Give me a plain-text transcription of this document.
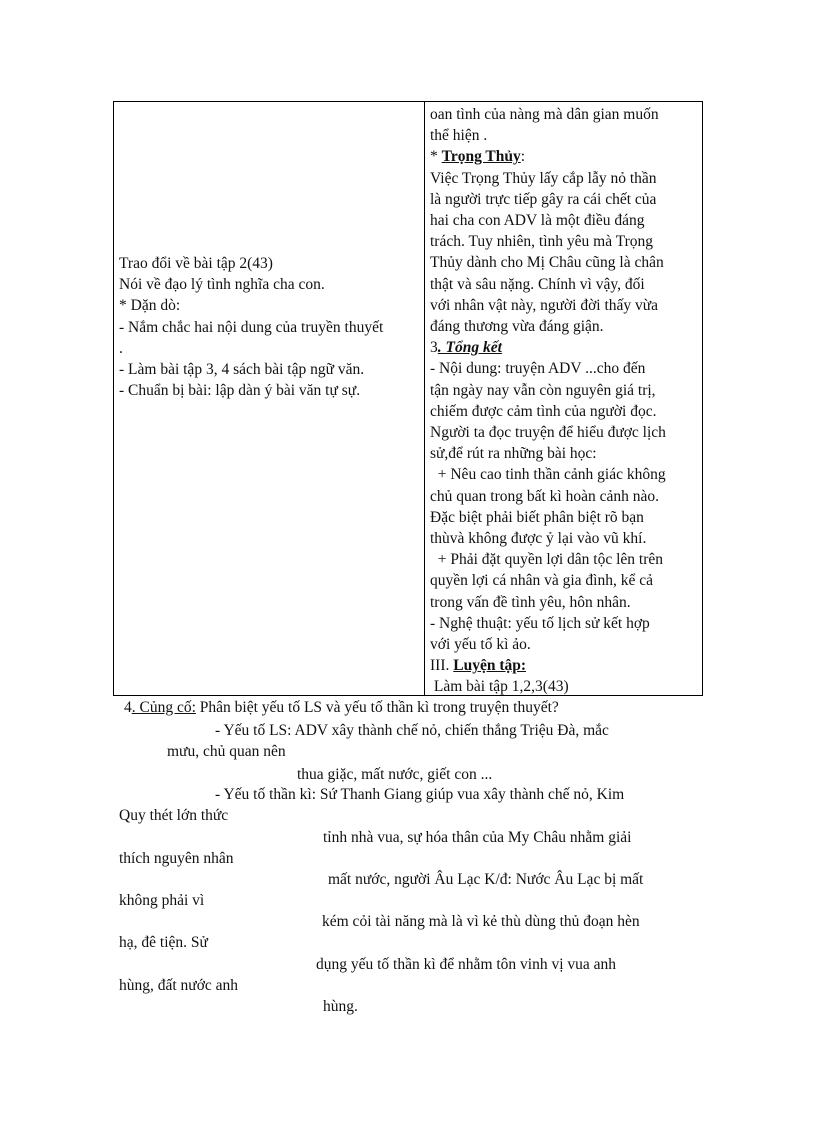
Trao đổi về bài tập 2(43)
Nói về đạo lý tình nghĩa cha con.
* Dặn dò:
- Nắm chắc hai nội dung của truyền thuyết
.
- Làm bài tập 3, 4 sách bài tập ngữ văn.
- Chuẩn bị bài: lập dàn ý bài văn tự sự.
oan tình của nàng mà dân gian muốn
thể hiện .
* Trọng Thủy:
Việc Trọng Thủy lấy cắp lẫy nỏ thần
là người trực tiếp gây ra cái chết của
hai cha con ADV là một điều đáng
trách. Tuy nhiên, tình yêu mà Trọng
Thủy dành cho Mị Châu cũng là chân
thật và sâu nặng. Chính vì vậy, đối
với nhân vật này, người đời thấy vừa
đáng thương vừa đáng giận.
3. Tổng kết
- Nội dung: truyện ADV ...cho đến
tận ngày nay vẫn còn nguyên giá trị,
chiếm được cảm tình của người đọc.
Người ta đọc truyện để hiểu được lịch
sử,để rút ra những bài học:
+ Nêu cao tinh thần cảnh giác không
chủ quan trong bất kì hoàn cảnh nào.
Đặc biệt phải biết phân biệt rõ bạn
thùvà không được ỷ lại vào vũ khí.
+ Phải đặt quyền lợi dân tộc lên trên
quyền lợi cá nhân và gia đình, kể cả
trong vấn đề tình yêu, hôn nhân.
- Nghệ thuật: yếu tố lịch sử kết hợp
với yếu tố kì ảo.
III. Luyện tập:
Làm bài tập 1,2,3(43)
4. Củng cố: Phân biệt yếu tố LS và yếu tố thần kì trong truyện thuyết?
- Yếu tố LS: ADV xây thành chế nỏ, chiến thắng Triệu Đà, mắc
mưu, chủ quan nên
thua giặc, mất nước, giết con ...
- Yếu tố thần kì: Sứ Thanh Giang giúp vua xây thành chế nỏ, Kim
Quy thét lớn thức
tỉnh nhà vua, sự hóa thân của My Châu nhằm giải
thích nguyên nhân
mất nước, người Âu Lạc K/đ: Nước Âu Lạc bị mất
không phải vì
kém cỏi tài năng mà là vì kẻ thù dùng thủ đoạn hèn
hạ, đê tiện. Sử
dụng yếu tố thần kì để nhằm tôn vinh vị vua anh
hùng, đất nước anh
hùng.
